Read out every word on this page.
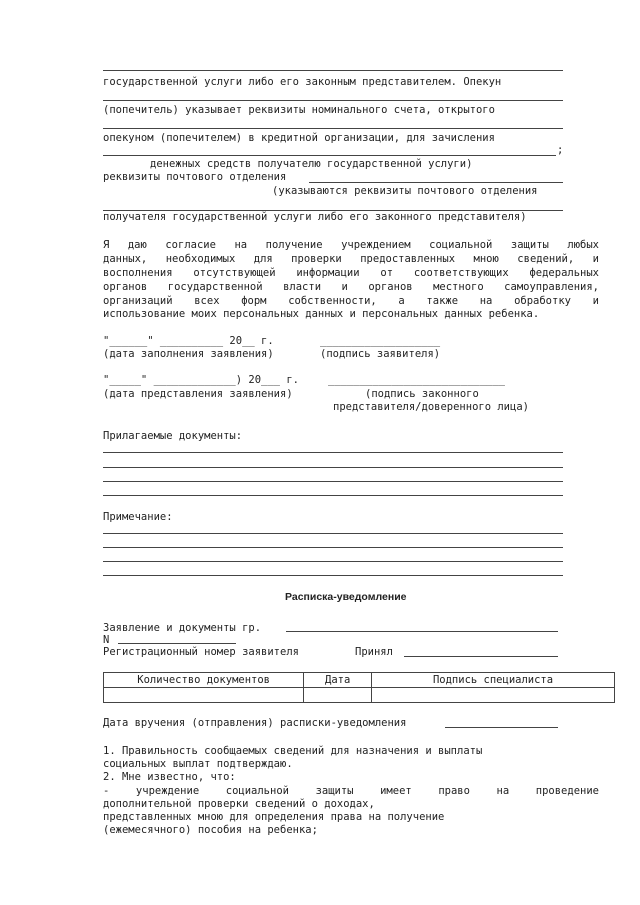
государственной услуги либо его законным представителем. Опекун
(попечитель) указывает реквизиты номинального счета, открытого
опекуном (попечителем) в кредитной организации, для зачисления
;
денежных средств получателю государственной услуги)
реквизиты почтового отделения
(указываются реквизиты почтового отделения
получателя государственной услуги либо его законного представителя)
Я даю согласие на получение учреждением социальной защиты любых
данных, необходимых для проверки предоставленных мною сведений, и
восполнения отсутствующей информации от соответствующих федеральных
органов государственной власти и органов местного самоуправления,
организаций всех форм собственности, а также на обработку и
использование моих персональных данных и персональных данных ребенка.
"______" __________ 20__ г.	___________________
(дата заполнения заявления)	(подпись заявителя)
"_____" _____________) 20___ г.	____________________________
(дата представления заявления)	(подпись законного
представителя/доверенного лица)
Прилагаемые документы:
Примечание:
Расписка-уведомление
Заявление и документы гр.
N
Регистрационный номер заявителя	Принял
Количество документов	Дата	Подпись специалиста

Дата вручения (отправления) расписки-уведомления
1. Правильность сообщаемых сведений для назначения и выплаты
социальных выплат подтверждаю.
2. Мне известно, что:
- учреждение социальной защиты имеет право на проведение
дополнительной проверки сведений о доходах,
представленных мною для определения права на получение
(ежемесячного) пособия на ребенка;
